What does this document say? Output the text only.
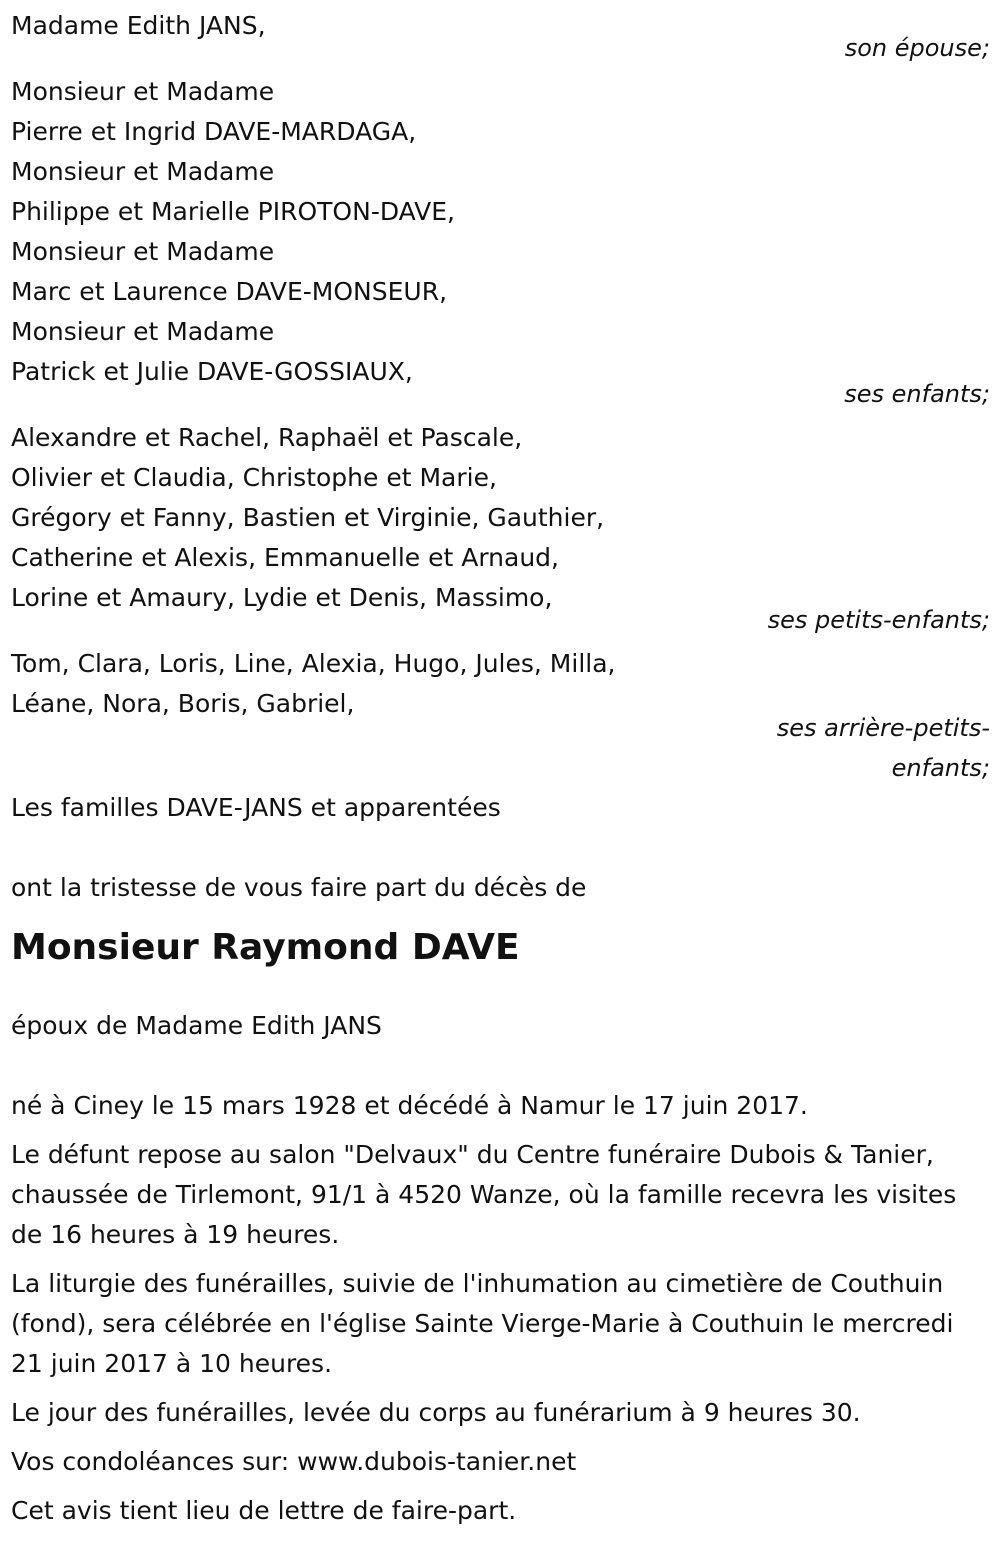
Madame Edith JANS,
son épouse;
Monsieur et Madame
Pierre et Ingrid DAVE-MARDAGA,
Monsieur et Madame
Philippe et Marielle PIROTON-DAVE,
Monsieur et Madame
Marc et Laurence DAVE-MONSEUR,
Monsieur et Madame
Patrick et Julie DAVE-GOSSIAUX,
ses enfants;
Alexandre et Rachel, Raphaël et Pascale,
Olivier et Claudia, Christophe et Marie,
Grégory et Fanny, Bastien et Virginie, Gauthier,
Catherine et Alexis, Emmanuelle et Arnaud,
Lorine et Amaury, Lydie et Denis, Massimo,
ses petits-enfants;
Tom, Clara, Loris, Line, Alexia, Hugo, Jules, Milla,
Léane, Nora, Boris, Gabriel,
ses arrière-petits-
enfants;
Les familles DAVE-JANS et apparentées
ont la tristesse de vous faire part du décès de
Monsieur Raymond DAVE
époux de Madame Edith JANS

né à Ciney le 15 mars 1928 et décédé à Namur le 17 juin 2017.

Le défunt repose au salon "Delvaux" du Centre funéraire Dubois & Tanier, chaussée de Tirlemont, 91/1 à 4520 Wanze, où la famille recevra les visites de 16 heures à 19 heures.

La liturgie des funérailles, suivie de l'inhumation au cimetière de Couthuin (fond), sera célébrée en l'église Sainte Vierge-Marie à Couthuin le mercredi 21 juin 2017 à 10 heures.

Le jour des funérailles, levée du corps au funérarium à 9 heures 30.

Vos condoléances sur: www.dubois-tanier.net

Cet avis tient lieu de lettre de faire-part.
